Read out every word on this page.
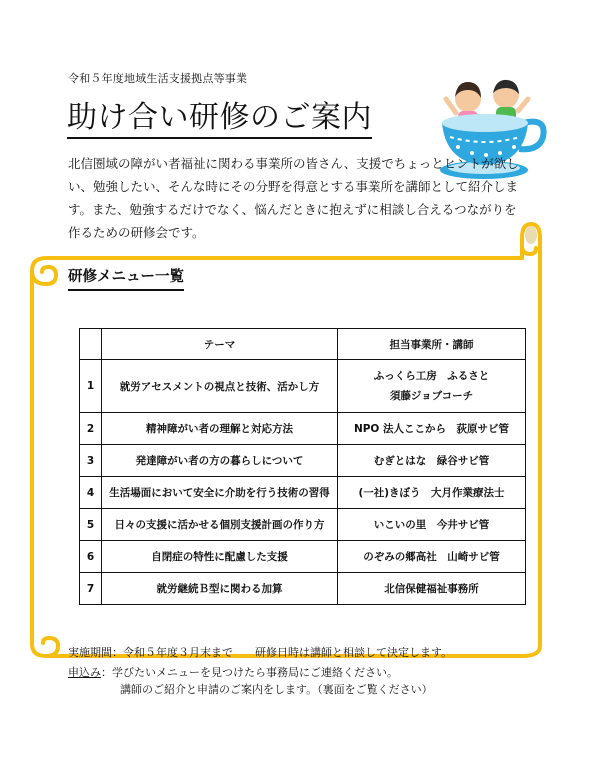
令和５年度地域生活支援拠点等事業
助け合い研修のご案内

北信圏域の障がい者福祉に関わる事業所の皆さん、支援でちょっとヒントが欲しい、勉強したい、そんな時にその分野を得意とする事業所を講師として紹介します。また、勉強するだけでなく、悩んだときに抱えずに相談し合えるつながりを作るための研修会です。

研修メニュー一覧
	テーマ	担当事業所・講師
1	就労アセスメントの視点と技術、活かし方	ふっくら工房　ふるさと
須藤ジョブコーチ

2	精神障がい者の理解と対応方法	NPO 法人ここから　荻原サビ管
3	発達障がい者の方の暮らしについて	むぎとはな　緑谷サビ管
4	生活場面において安全に介助を行う技術の習得	(一社)きぼう　大月作業療法士
5	日々の支援に活かせる個別支援計画の作り方	いこいの里　今井サビ管
6	自閉症の特性に配慮した支援	のぞみの郷高社　山崎サビ管
7	就労継続Ｂ型に関わる加算	北信保健福祉事務所
実施期間：令和５年度３月末まで　　研修日時は講師と相談して決定します。
申込み：学びたいメニューを見つけたら事務局にご連絡ください。
講師のご紹介と申請のご案内をします。（裏面をご覧ください）
